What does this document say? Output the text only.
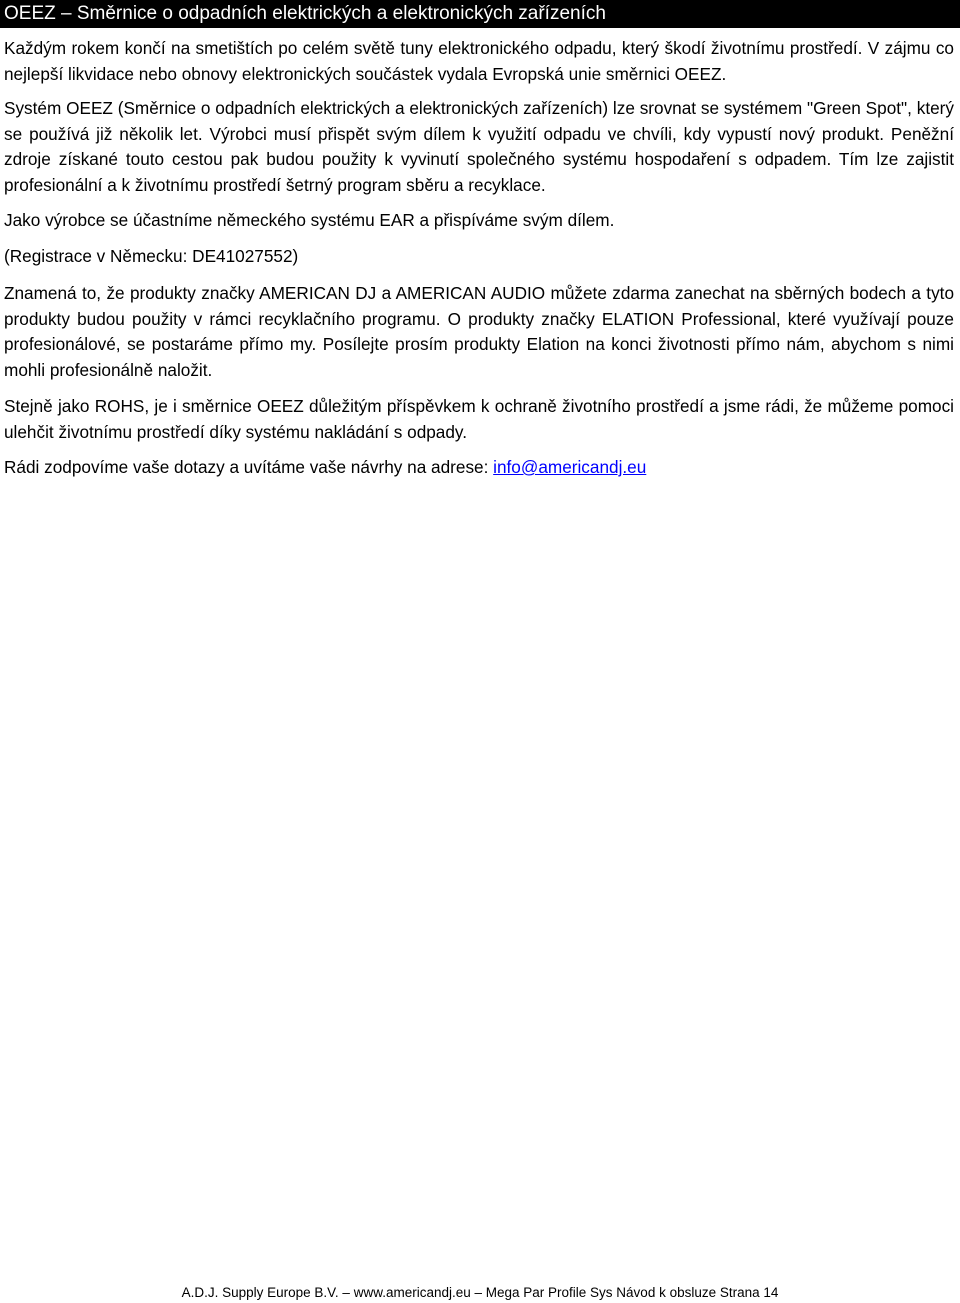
OEEZ – Směrnice o odpadních elektrických a elektronických zařízeních

Každým rokem končí na smetištích po celém světě tuny elektronického odpadu, který škodí životnímu prostředí. V zájmu co nejlepší likvidace nebo obnovy elektronických součástek vydala Evropská unie směrnici OEEZ.

Systém OEEZ (Směrnice o odpadních elektrických a elektronických zařízeních) lze srovnat se systémem "Green Spot", který se používá již několik let. Výrobci musí přispět svým dílem k využití odpadu ve chvíli, kdy vypustí nový produkt. Peněžní zdroje získané touto cestou pak budou použity k vyvinutí společného systému hospodaření s odpadem. Tím lze zajistit profesionální a k životnímu prostředí šetrný program sběru a recyklace.

Jako výrobce se účastníme německého systému EAR a přispíváme svým dílem.

(Registrace v Německu: DE41027552)

Znamená to, že produkty značky AMERICAN DJ a AMERICAN AUDIO můžete zdarma zanechat na sběrných bodech a tyto produkty budou použity v rámci recyklačního programu. O produkty značky ELATION Professional, které využívají pouze profesionálové, se postaráme přímo my. Posílejte prosím produkty Elation na konci životnosti přímo nám, abychom s nimi mohli profesionálně naložit.

Stejně jako ROHS, je i směrnice OEEZ důležitým příspěvkem k ochraně životního prostředí a jsme rádi, že můžeme pomoci ulehčit životnímu prostředí díky systému nakládání s odpady.

Rádi zodpovíme vaše dotazy a uvítáme vaše návrhy na adrese: info@americandj.eu

A.D.J. Supply Europe B.V. – www.americandj.eu – Mega Par Profile Sys Návod k obsluze Strana 14
